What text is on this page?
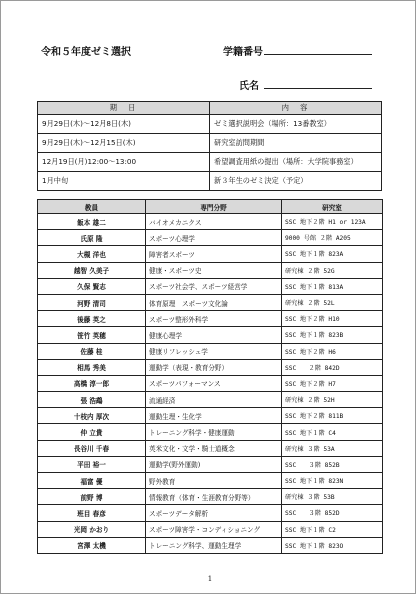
令和５年度ゼミ選択	学籍番号
氏名
期　日	内　容
9月29日(木)～12月8日(木)	ゼミ選択説明会（場所：13番教室）
9月29日(木)～12月15日(木)	研究室訪問期間
12月19日(月)12:00～13:00	希望調査用紙の提出（場所：大学院事務室）
1月中旬	新３年生のゼミ決定（予定）
教員	専門分野	研究室
飯本 雄二	バイオメカニクス	SSC 地下２階 H1 or 123A
氏原 隆	スポーツ心理学	9000 号館 ２階 A205
大槻 洋也	障害者スポーツ	SSC 地下１階 823A
越智 久美子	健康・スポーツ史	研究棟 ２階 52G
久保 賢志	スポーツ社会学、スポーツ経営学	SSC 地下１階 813A
河野 清司	体育原理　スポーツ文化論	研究棟 ２階 52L
後藤 英之	スポーツ整形外科学	SSC 地下２階 H10
笹竹 英穂	健康心理学	SSC 地下１階 823B
佐藤 桂	健康リフレッシュ学	SSC 地下２階 H6
相馬 秀美	運動学（表現・教育分野）	SSC　　２階 842D
高橋 淳一郎	スポーツパフォーマンス	SSC 地下２階 H7
張 浩鵡	流通経済	研究棟 ２階 52H
十枝内 厚次	運動生理・生化学	SSC 地下２階 811B
仲 立貴	トレーニング科学・健康運動	SSC 地下１階 C4
長谷川 千春	英米文化・文学・騎士道概念	研究棟 ３階 53A
平田 裕一	運動学(野外運動)	SSC　　３階 852B
福富 優	野外教育	SSC 地下１階 823N
前野 博	情報教育（体育・生涯教育分野等）	研究棟 ３階 53B
班目 春彦	スポーツデータ解析	SSC　　３階 852D
光岡 かおり	スポーツ障害学・コンディショニング	SSC 地下１階 C2
宮澤 太機	トレーニング科学、運動生理学	SSC 地下１階 823O
1
